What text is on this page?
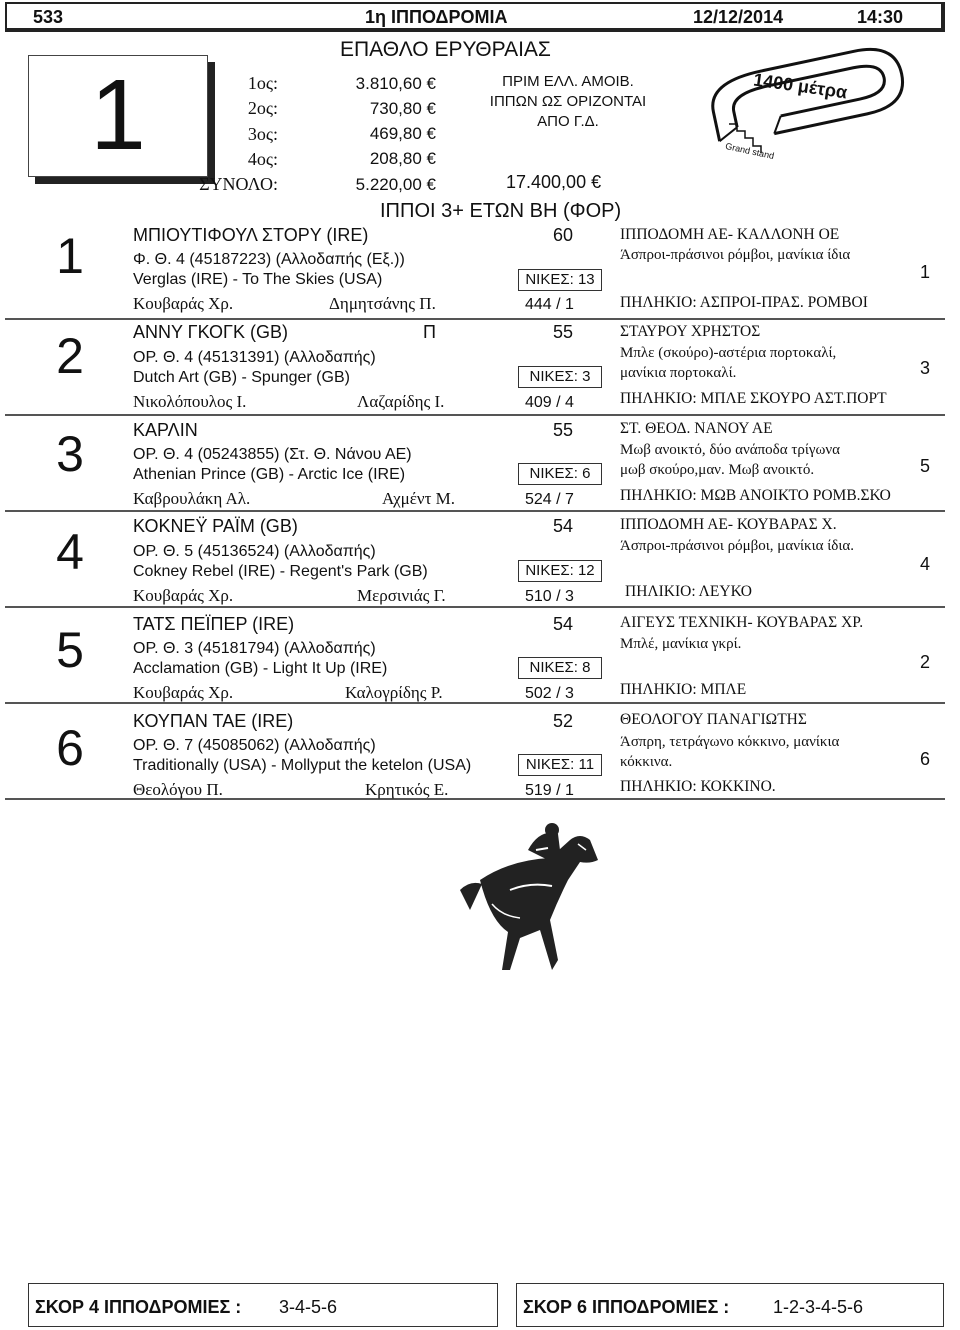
533	1η ΙΠΠΟΔΡΟΜΙΑ	12/12/2014	14:30
1
ΕΠΑΘΛΟ ΕΡΥΘΡΑΙΑΣ
1ος:	3.810,60 €
2ος:	730,80 €
3ος:	469,80 €
4ος:	208,80 €
ΣΥΝΟΛΟ:	5.220,00 €
ΠΡΙΜ ΕΛΛ. ΑΜΟΙΒ.
ΙΠΠΩΝ ΩΣ ΟΡΙΖΟΝΤΑΙ
ΑΠΟ Γ.Δ.
17.400,00 €
1400 μέτρα
Grand stand
ΙΠΠΟΙ 3+ ΕΤΩΝ ΒΗ (ΦΟΡ)
1	ΜΠΙΟΥΤΙΦΟΥΛ ΣΤΟΡΥ (IRE)	60	ΙΠΠΟΔΟΜΗ ΑΕ- ΚΑΛΛΟΝΗ ΟΕ
Φ. Θ. 4 (45187223) (Αλλοδαπής (Εξ.))	Άσπροι-πράσινοι ρόμβοι, μανίκια ίδια
Verglas (IRE) - To The Skies (USA)	ΝΙΚΕΣ: 13	1
Κουβαράς Χρ.	Δημητσάνης Π.	444 / 1	ΠΗΛΗΚΙΟ: ΑΣΠΡΟΙ-ΠΡΑΣ. ΡΟΜΒΟΙ
2	ΑΝΝΥ ΓΚΟΓΚ (GB)	Π	55	ΣΤΑΥΡΟΥ ΧΡΗΣΤΟΣ
ΟΡ. Θ. 4 (45131391) (Αλλοδαπής)	Μπλε (σκούρο)-αστέρια πορτοκαλί,
Dutch Art (GB) - Spunger (GB)	ΝΙΚΕΣ: 3	μανίκια πορτοκαλί.	3
Νικολόπουλος Ι.	Λαζαρίδης Ι.	409 / 4	ΠΗΛΗΚΙΟ: ΜΠΛΕ ΣΚΟΥΡΟ ΑΣΤ.ΠΟΡΤ
3	ΚΑΡΛΙΝ	55	ΣΤ. ΘΕΟΔ. ΝΑΝΟΥ ΑΕ
ΟΡ. Θ. 4 (05243855) (Στ. Θ. Νάνου ΑΕ)	Μωβ ανοικτό, δύο ανάποδα τρίγωνα
Athenian Prince (GB) - Arctic Ice (IRE)	ΝΙΚΕΣ: 6	μωβ σκούρο,μαν. Μωβ ανοικτό.	5
Καβρουλάκη Αλ.	Αχμέντ Μ.	524 / 7	ΠΗΛΗΚΙΟ: ΜΩΒ ΑΝΟΙΚΤΟ ΡΟΜΒ.ΣΚΟ
4	ΚΟΚΝΕΫ ΡΑΪΜ (GB)	54	ΙΠΠΟΔΟΜΗ ΑΕ- ΚΟΥΒΑΡΑΣ Χ.
ΟΡ. Θ. 5 (45136524) (Αλλοδαπής)	Άσπροι-πράσινοι ρόμβοι, μανίκια ίδια.
Cokney Rebel (IRE) - Regent's Park (GB)	ΝΙΚΕΣ: 12	4
Κουβαράς Χρ.	Μερσινιάς Γ.	510 / 3	ΠΗΛΙΚΙΟ: ΛΕΥΚΟ
5	ΤΑΤΣ ΠΕΪΠΕΡ (IRE)	54	ΑΙΓΕΥΣ ΤΕΧΝΙΚΗ- ΚΟΥΒΑΡΑΣ ΧΡ.
ΟΡ. Θ. 3 (45181794) (Αλλοδαπής)	Μπλέ, μανίκια γκρί.
Acclamation (GB) - Light It Up (IRE)	ΝΙΚΕΣ: 8	2
Κουβαράς Χρ.	Καλογρίδης Ρ.	502 / 3	ΠΗΛΗΚΙΟ: ΜΠΛΕ
6	ΚΟΥΠΑΝ ΤΑΕ (IRE)	52	ΘΕΟΛΟΓΟΥ ΠΑΝΑΓΙΩΤΗΣ
ΟΡ. Θ. 7 (45085062) (Αλλοδαπής)	Άσπρη, τετράγωνο κόκκινο, μανίκια
Traditionally (USA) - Mollyput the ketelon (USA)	ΝΙΚΕΣ: 11	κόκκινα.	6
Θεολόγου Π.	Κρητικός Ε.	519 / 1	ΠΗΛΗΚΙΟ: ΚΟΚΚΙΝΟ.
ΣΚΟΡ 4 ΙΠΠΟΔΡΟΜΙΕΣ : 3-4-5-6	ΣΚΟΡ 6 ΙΠΠΟΔΡΟΜΙΕΣ : 1-2-3-4-5-6
